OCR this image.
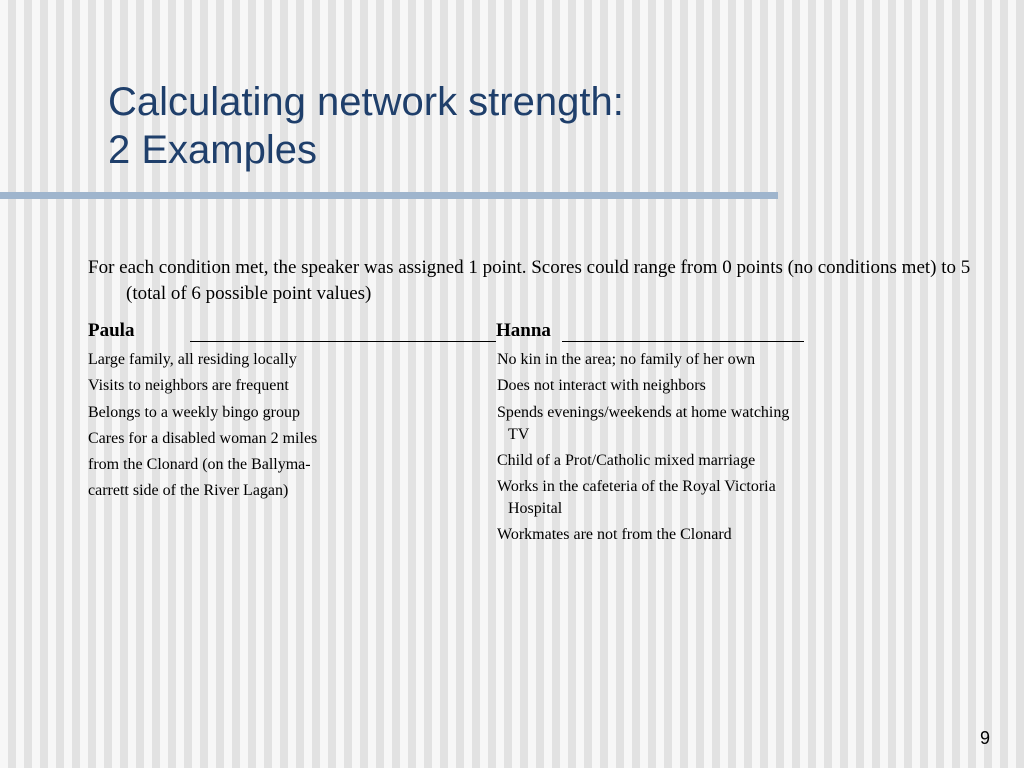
Calculating network strength:
2 Examples

For each condition met, the speaker was assigned 1 point. Scores could range from 0 points (no conditions met) to 5 (total of 6 possible point values)

Paula	Hanna
Large family, all residing locally
Visits to neighbors are frequent
Belongs to a weekly bingo group
Cares for a disabled woman 2 miles
from the Clonard (on the Ballyma-
carrett side of the River Lagan)
No kin in the area; no family of her own
Does not interact with neighbors
Spends evenings/weekends at home watching TV
Child of a Prot/Catholic mixed marriage
Works in the cafeteria of the Royal Victoria Hospital
Workmates are not from the Clonard
9
